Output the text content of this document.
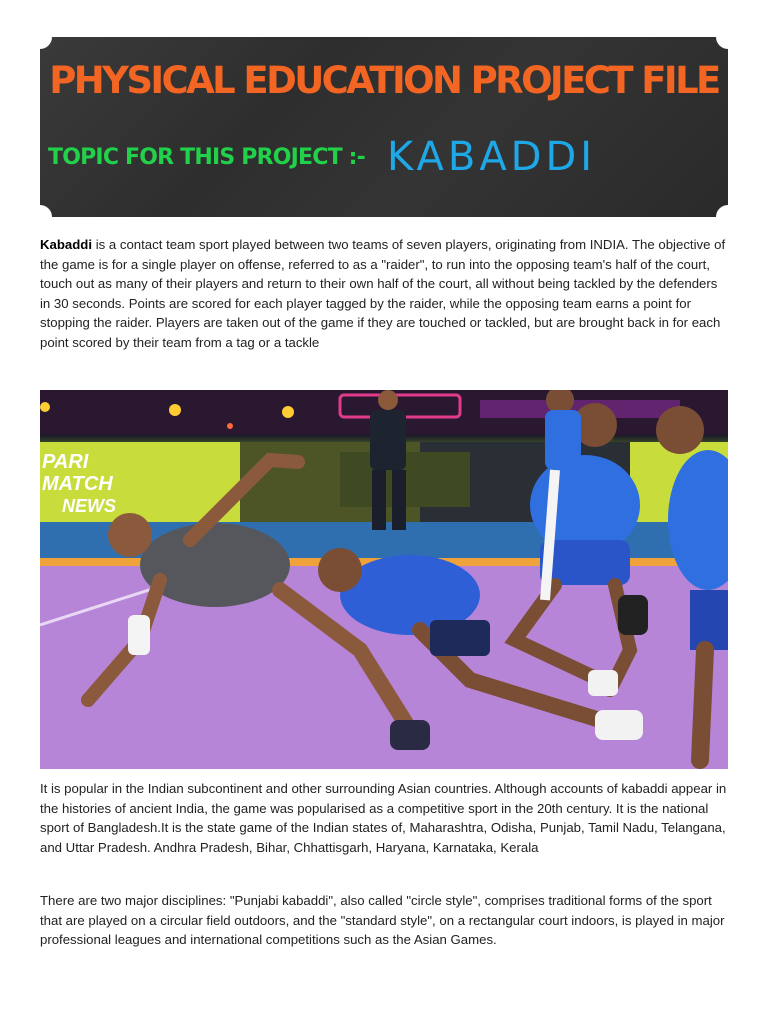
PHYSICAL EDUCATION PROJECT FILE
TOPIC FOR THIS PROJECT :- KABADDI

Kabaddi is a contact team sport played between two teams of seven players, originating from INDIA. The objective of the game is for a single player on offense, referred to as a "raider", to run into the opposing team's half of the court, touch out as many of their players and return to their own half of the court, all without being tackled by the defenders in 30 seconds. Points are scored for each player tagged by the raider, while the opposing team earns a point for stopping the raider. Players are taken out of the game if they are touched or tackled, but are brought back in for each point scored by their team from a tag or a tackle

PARI
MATCH
NEWS

It is popular in the Indian subcontinent and other surrounding Asian countries. Although accounts of kabaddi appear in the histories of ancient India, the game was popularised as a competitive sport in the 20th century. It is the national sport of Bangladesh.It is the state game of the Indian states of, Maharashtra, Odisha, Punjab, Tamil Nadu, Telangana, and Uttar Pradesh. Andhra Pradesh, Bihar, Chhattisgarh, Haryana, Karnataka, Kerala

There are two major disciplines: "Punjabi kabaddi", also called "circle style", comprises traditional forms of the sport that are played on a circular field outdoors, and the "standard style", on a rectangular court indoors, is played in major professional leagues and international competitions such as the Asian Games.
